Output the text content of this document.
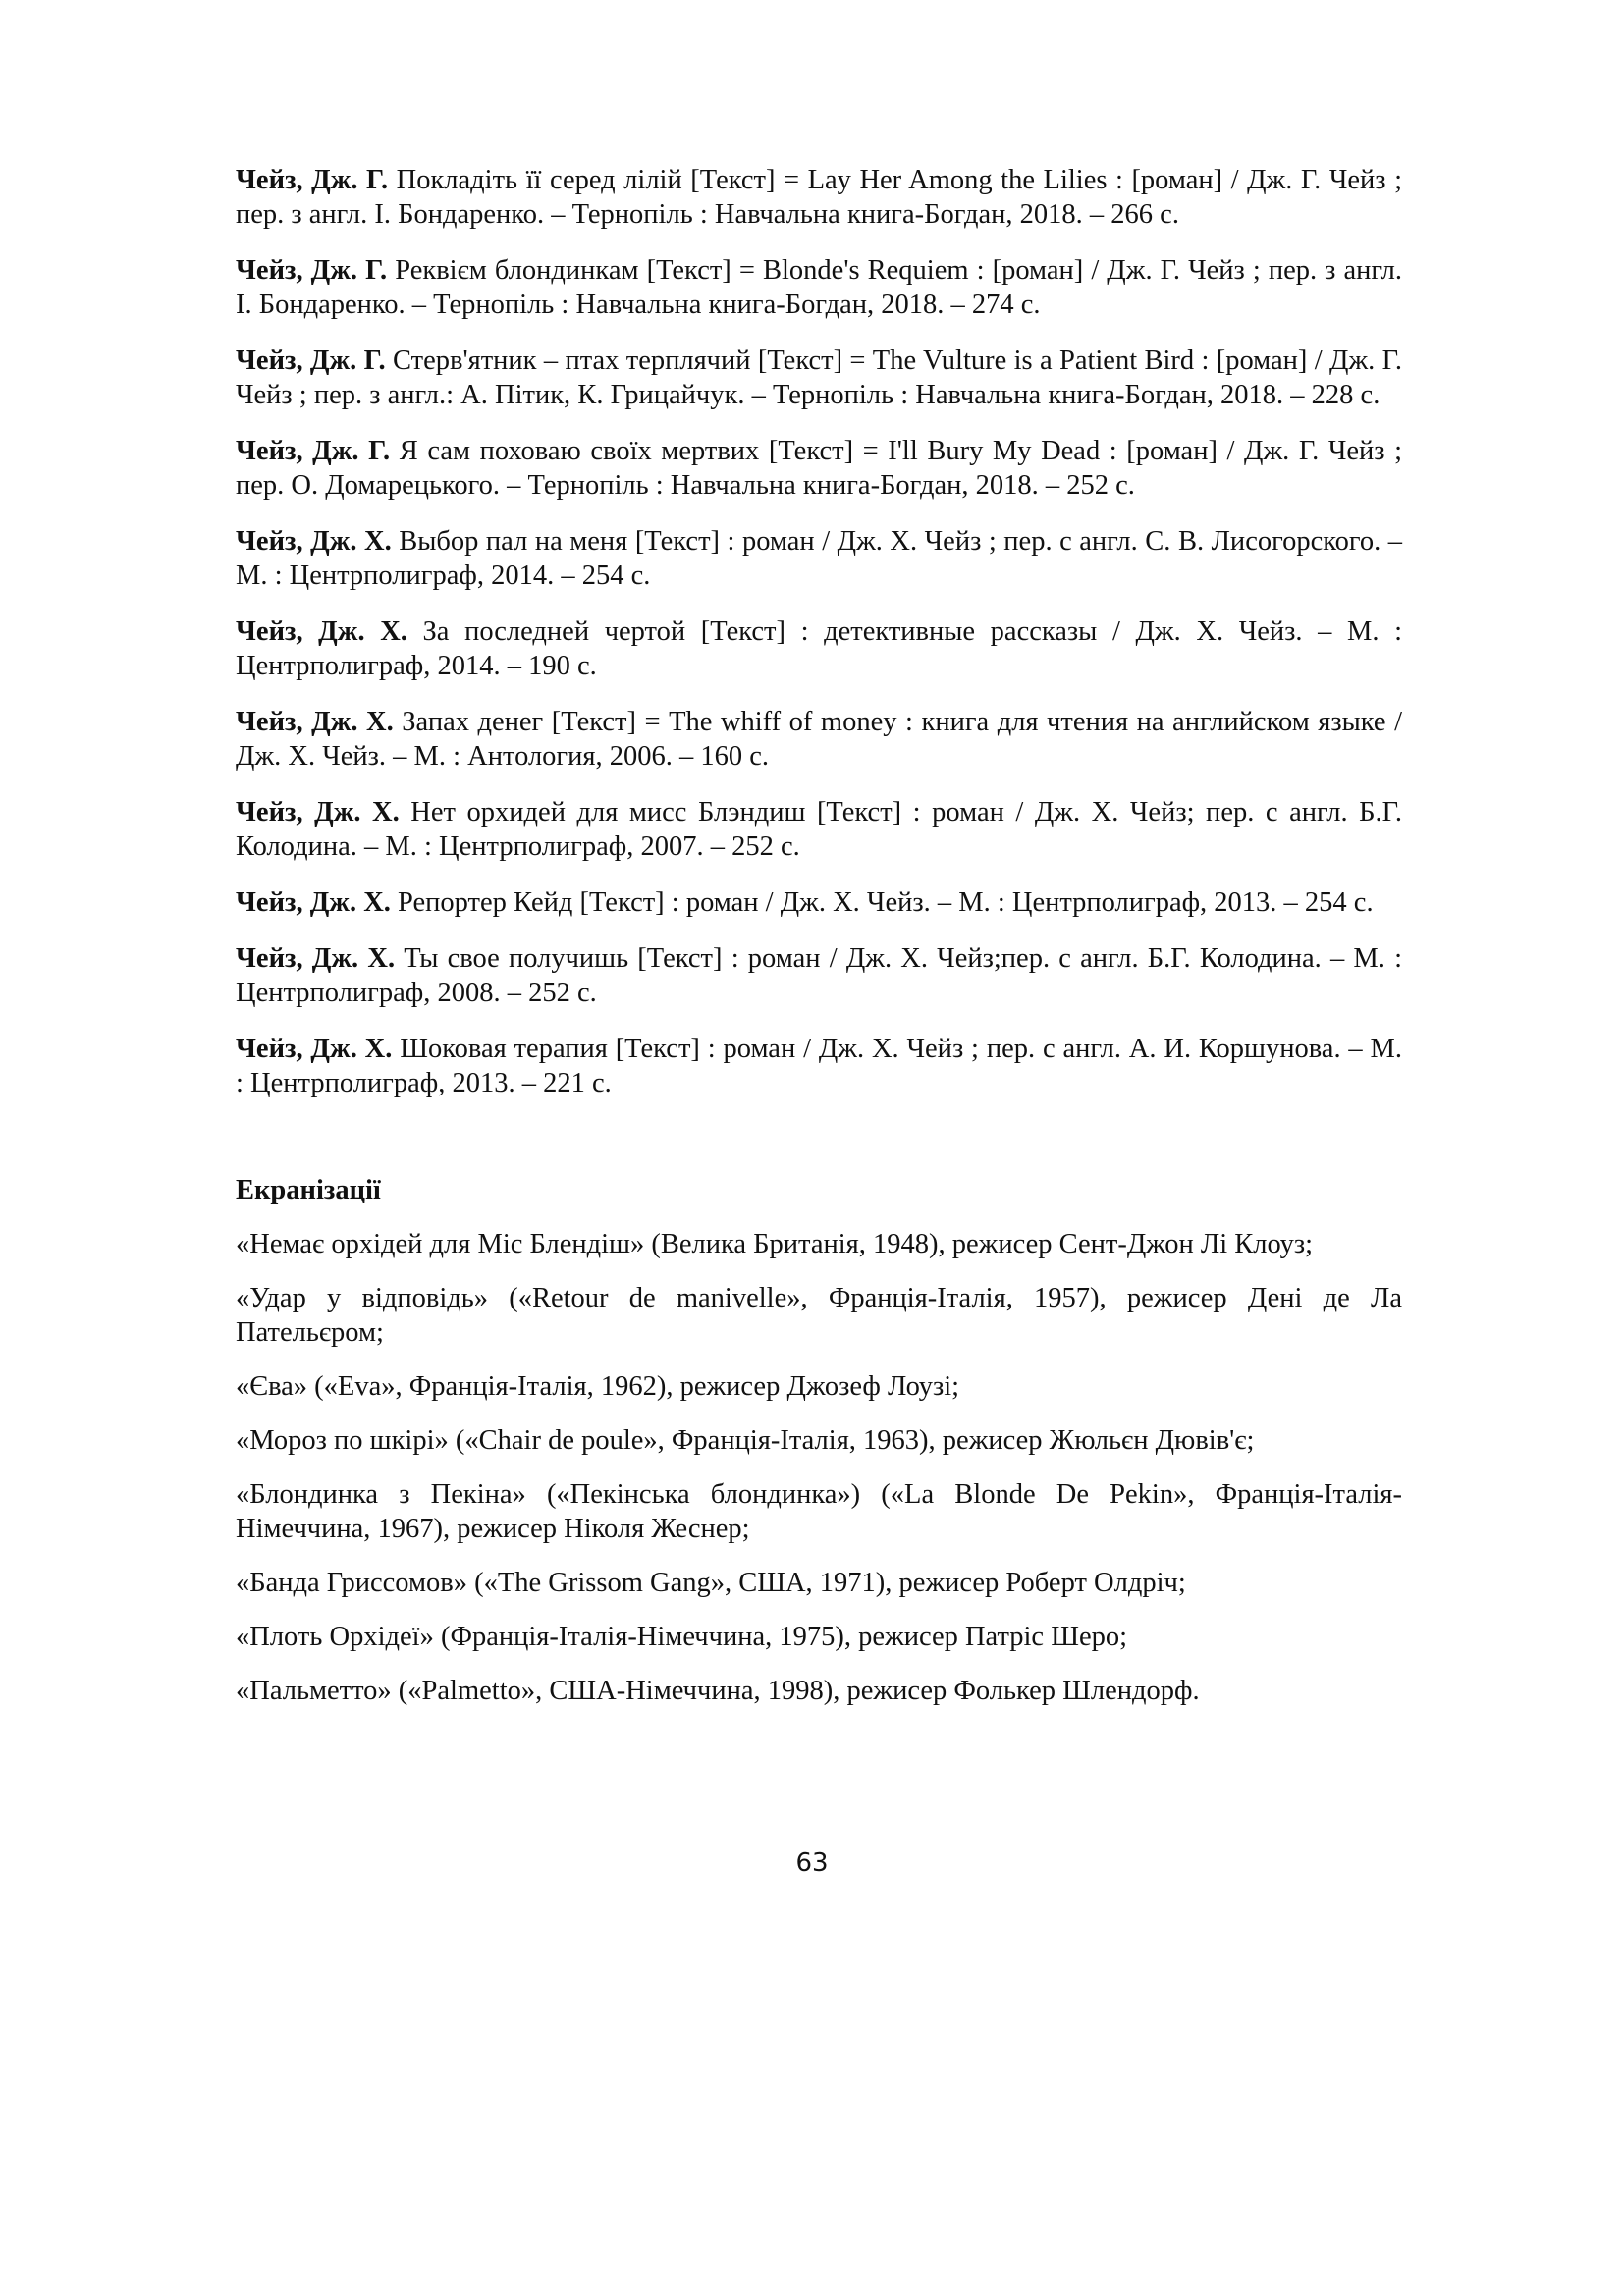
Чейз, Дж. Г. Покладіть її серед лілій [Текст] = Lay Her Among the Lilies : [роман] / Дж. Г. Чейз ; пер. з англ. І. Бондаренко. – Тернопіль : Навчальна книга-Богдан, 2018. – 266 с.

Чейз, Дж. Г. Реквієм блондинкам [Текст] = Blonde's Requiem : [роман] / Дж. Г. Чейз ; пер. з англ. І. Бондаренко. – Тернопіль : Навчальна книга-Богдан, 2018. – 274 с.

Чейз, Дж. Г. Стерв'ятник – птах терплячий [Текст] = The Vulture is a Patient Bird : [роман] / Дж. Г. Чейз ; пер. з англ.: А. Пітик, К. Грицайчук. – Тернопіль : Навчальна книга-Богдан, 2018. – 228 с.

Чейз, Дж. Г. Я сам поховаю своїх мертвих [Текст] = I'll Bury My Dead : [роман] / Дж. Г. Чейз ; пер. О. Домарецького. – Тернопіль : Навчальна книга-Богдан, 2018. – 252 с.

Чейз, Дж. Х. Выбор пал на меня [Текст] : роман / Дж. Х. Чейз ; пер. с англ. С. В. Лисогорского. – М. : Центрполиграф, 2014. – 254 с.

Чейз, Дж. Х. За последней чертой [Текст] : детективные рассказы / Дж. Х. Чейз. – М. : Центрполиграф, 2014. – 190 с.

Чейз, Дж. Х. Запах денег [Текст] = The whiff of money : книга для чтения на английском языке / Дж. Х. Чейз. – М. : Антология, 2006. – 160 с.

Чейз, Дж. Х. Нет орхидей для мисс Блэндиш [Текст] : роман / Дж. Х. Чейз; пер. с англ. Б.Г. Колодина. – М. : Центрполиграф, 2007. – 252 с.

Чейз, Дж. Х. Репортер Кейд [Текст] : роман / Дж. Х. Чейз. – М. : Центрполиграф, 2013. – 254 с.

Чейз, Дж. Х. Ты свое получишь [Текст] : роман / Дж. Х. Чейз;пер. с англ. Б.Г. Колодина. – М. : Центрполиграф, 2008. – 252 с.

Чейз, Дж. Х. Шоковая терапия [Текст] : роман / Дж. Х. Чейз ; пер. с англ. А. И. Коршунова. – М. : Центрполиграф, 2013. – 221 с.

Екранізації

«Немає орхідей для Міс Блендіш» (Велика Британія, 1948), режисер Сент-Джон Лі Клоуз;

«Удар у відповідь» («Retour de manivelle», Франція-Італія, 1957), режисер Дені де Ла Пательєром;

«Єва» («Eva», Франція-Італія, 1962), режисер Джозеф Лоузі;

«Мороз по шкірі» («Chair de poule», Франція-Італія, 1963), режисер Жюльєн Дювів'є;

«Блондинка з Пекіна» («Пекінська блондинка») («La Blonde De Pekin», Франція-Італія-Німеччина, 1967), режисер Ніколя Жеснер;

«Банда Гриссомов» («The Grissom Gang», США, 1971), режисер Роберт Олдріч;

«Плоть Орхідеї» (Франція-Італія-Німеччина, 1975), режисер Патріс Шеро;

«Пальметто» («Palmetto», США-Німеччина, 1998), режисер Фолькер Шлендорф.

63
